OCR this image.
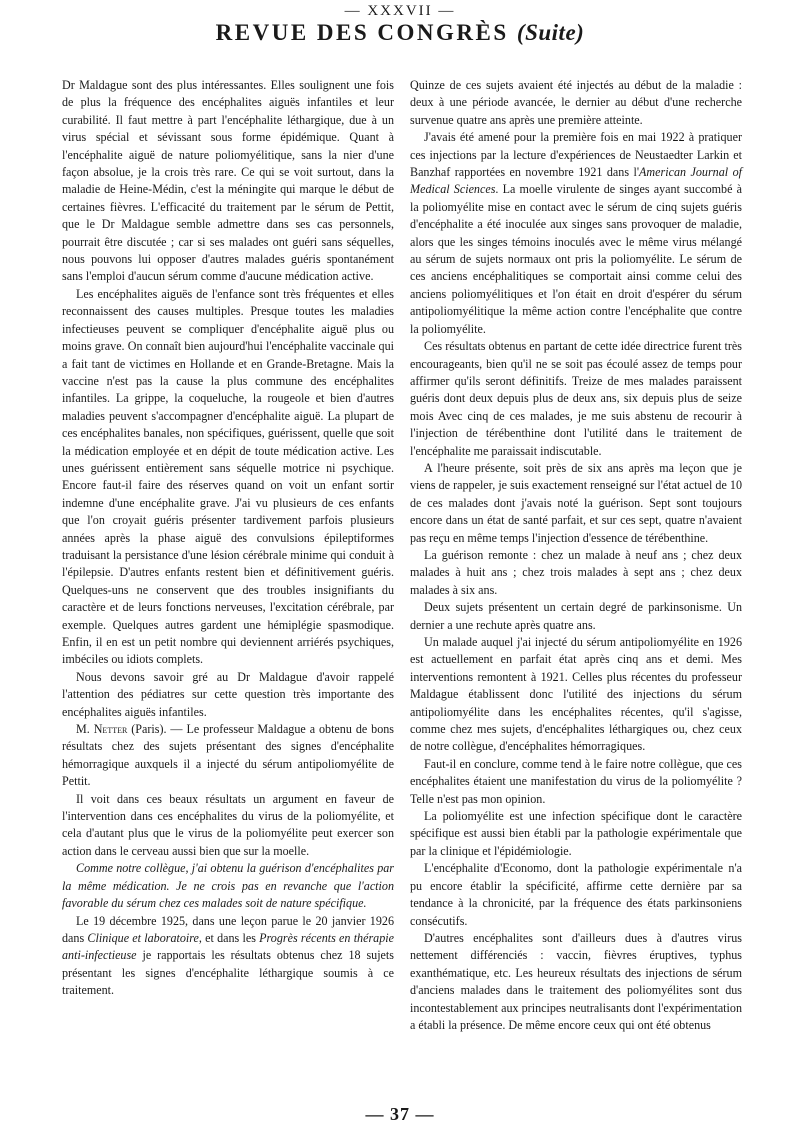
— XXXVII —
REVUE DES CONGRÈS (Suite)

Dr Maldague sont des plus intéressantes. Elles soulignent une fois de plus la fréquence des encéphalites aiguës infantiles et leur curabilité. Il faut mettre à part l'encéphalite léthargique, due à un virus spécial et sévissant sous forme épidémique. Quant à l'encéphalite aiguë de nature poliomyélitique, sans la nier d'une façon absolue, je la crois très rare. Ce qui se voit surtout, dans la maladie de Heine-Médin, c'est la méningite qui marque le début de certaines fièvres. L'efficacité du traitement par le sérum de Pettit, que le Dr Maldague semble admettre dans ses cas personnels, pourrait être discutée ; car si ses malades ont guéri sans séquelles, nous pouvons lui opposer d'autres malades guéris spontanément sans l'emploi d'aucun sérum comme d'aucune médication active.

Les encéphalites aiguës de l'enfance sont très fréquentes et elles reconnaissent des causes multiples. Presque toutes les maladies infectieuses peuvent se compliquer d'encéphalite aiguë plus ou moins grave. On connaît bien aujourd'hui l'encéphalite vaccinale qui a fait tant de victimes en Hollande et en Grande-Bretagne. Mais la vaccine n'est pas la cause la plus commune des encéphalites infantiles. La grippe, la coqueluche, la rougeole et bien d'autres maladies peuvent s'accompagner d'encéphalite aiguë. La plupart de ces encéphalites banales, non spécifiques, guérissent, quelle que soit la médication employée et en dépit de toute médication active. Les unes guérissent entièrement sans séquelle motrice ni psychique. Encore faut-il faire des réserves quand on voit un enfant sortir indemne d'une encéphalite grave. J'ai vu plusieurs de ces enfants que l'on croyait guéris présenter tardivement parfois plusieurs années après la phase aiguë des convulsions épileptiformes traduisant la persistance d'une lésion cérébrale minime qui conduit à l'épilepsie. D'autres enfants restent bien et définitivement guéris. Quelques-uns ne conservent que des troubles insignifiants du caractère et de leurs fonctions nerveuses, l'excitation cérébrale, par exemple. Quelques autres gardent une hémiplégie spasmodique. Enfin, il en est un petit nombre qui deviennent arriérés psychiques, imbéciles ou idiots complets.

Nous devons savoir gré au Dr Maldague d'avoir rappelé l'attention des pédiatres sur cette question très importante des encéphalites aiguës infantiles.

M. Netter (Paris). — Le professeur Maldague a obtenu de bons résultats chez des sujets présentant des signes d'encéphalite hémorragique auxquels il a injecté du sérum antipoliomyélite de Pettit.

Il voit dans ces beaux résultats un argument en faveur de l'intervention dans ces encéphalites du virus de la poliomyélite, et cela d'autant plus que le virus de la poliomyélite peut exercer son action dans le cerveau aussi bien que sur la moelle.

Comme notre collègue, j'ai obtenu la guérison d'encéphalites par la même médication. Je ne crois pas en revanche que l'action favorable du sérum chez ces malades soit de nature spécifique.

Le 19 décembre 1925, dans une leçon parue le 20 janvier 1926 dans Clinique et laboratoire, et dans les Progrès récents en thérapie anti-infectieuse je rapportais les résultats obtenus chez 18 sujets présentant les signes d'encéphalite léthargique soumis à ce traitement.

Quinze de ces sujets avaient été injectés au début de la maladie : deux à une période avancée, le dernier au début d'une recherche survenue quatre ans après une première atteinte.

J'avais été amené pour la première fois en mai 1922 à pratiquer ces injections par la lecture d'expériences de Neustaedter Larkin et Banzhaf rapportées en novembre 1921 dans l'American Journal of Medical Sciences. La moelle virulente de singes ayant succombé à la poliomyélite mise en contact avec le sérum de cinq sujets guéris d'encéphalite a été inoculée aux singes sans provoquer de maladie, alors que les singes témoins inoculés avec le même virus mélangé au sérum de sujets normaux ont pris la poliomyélite. Le sérum de ces anciens encéphalitiques se comportait ainsi comme celui des anciens poliomyélitiques et l'on était en droit d'espérer du sérum antipoliomyélitique la même action contre l'encéphalite que contre la poliomyélite.

Ces résultats obtenus en partant de cette idée directrice furent très encourageants, bien qu'il ne se soit pas écoulé assez de temps pour affirmer qu'ils seront définitifs. Treize de mes malades paraissent guéris dont deux depuis plus de deux ans, six depuis plus de seize mois Avec cinq de ces malades, je me suis abstenu de recourir à l'injection de térébenthine dont l'utilité dans le traitement de l'encéphalite me paraissait indiscutable.

A l'heure présente, soit près de six ans après ma leçon que je viens de rappeler, je suis exactement renseigné sur l'état actuel de 10 de ces malades dont j'avais noté la guérison. Sept sont toujours encore dans un état de santé parfait, et sur ces sept, quatre n'avaient pas reçu en même temps l'injection d'essence de térébenthine.

La guérison remonte : chez un malade à neuf ans ; chez deux malades à huit ans ; chez trois malades à sept ans ; chez deux malades à six ans.

Deux sujets présentent un certain degré de parkinsonisme. Un dernier a une rechute après quatre ans.

Un malade auquel j'ai injecté du sérum antipoliomyélite en 1926 est actuellement en parfait état après cinq ans et demi. Mes interventions remontent à 1921. Celles plus récentes du professeur Maldague établissent donc l'utilité des injections du sérum antipoliomyélite dans les encéphalites récentes, qu'il s'agisse, comme chez mes sujets, d'encéphalites léthargiques ou, chez ceux de notre collègue, d'encéphalites hémorragiques.

Faut-il en conclure, comme tend à le faire notre collègue, que ces encéphalites étaient une manifestation du virus de la poliomyélite ? Telle n'est pas mon opinion.

La poliomyélite est une infection spécifique dont le caractère spécifique est aussi bien établi par la pathologie expérimentale que par la clinique et l'épidémiologie.

L'encéphalite d'Economo, dont la pathologie expérimentale n'a pu encore établir la spécificité, affirme cette dernière par sa tendance à la chronicité, par la fréquence des états parkinsoniens consécutifs.

D'autres encéphalites sont d'ailleurs dues à d'autres virus nettement différenciés : vaccin, fièvres éruptives, typhus exanthématique, etc. Les heureux résultats des injections de sérum d'anciens malades dans le traitement des poliomyélites sont dus incontestablement aux principes neutralisants dont l'expérimentation a établi la présence. De même encore ceux qui ont été obtenus

— 37 —
